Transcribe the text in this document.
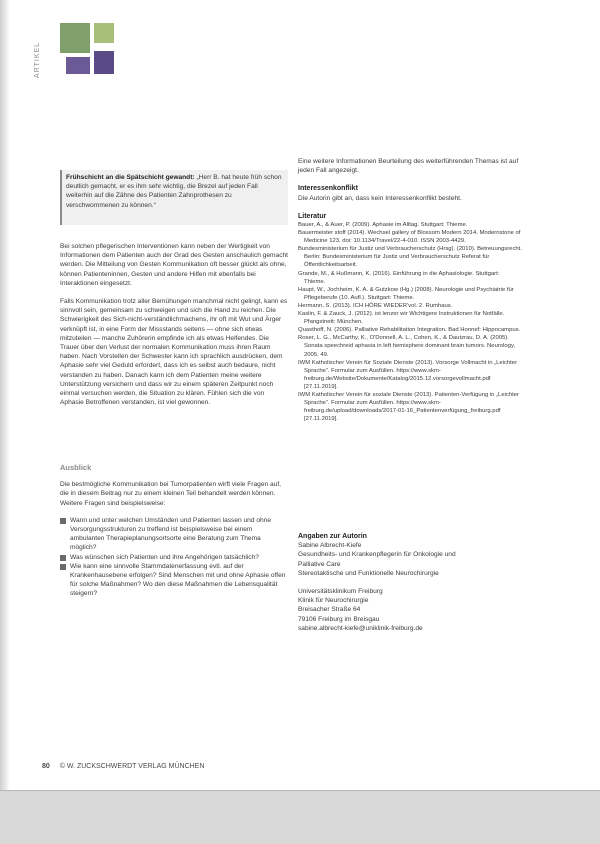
ARTIKEL
Frühschicht an die Spätschicht gewandt: „Herr B. hat heute früh schon deutlich gemacht, er es ihm sehr wichtig, die Brezel auf jeden Fall weiterhin auf die Zähne des Patienten Zahnprothesen zu verschwommenen zu können.“

Bei solchen pflegerischen Interventionen kann neben der Wertigkeit von Informationen dem Patienten auch der Grad des Gesten anschaulich gemacht werden. Die Mitteilung von Gesten Kommunikation oft besser glückt als ohne, können Patienteninnen, Gesten und andere Hilfen mit ebenfalls bei Interaktionen eingesetzt.

Falls Kommunikation trotz aller Bemühungen manchmal nicht gelingt, kann es sinnvoll sein, gemeinsam zu schweigen und sich die Hand zu reichen. Die Schwierigkeit des Sich-nicht-verständlichmachens, ihr oft mit Wut und Ärger verknüpft ist, in eine Form der Missstands seitens — ohne sich etwas mitzuteilen — manche Zuhörerin empfinde ich als etwas Helfendes. Die Trauer über den Verlust der normalen Kommunikation muss ihren Raum haben. Nach Vorstellen der Schwester kann ich sprachlich ausdrücken, dem Aphasie sehr viel Geduld erfordert, dass ich es selbst auch bedaure, nicht verstanden zu haben. Danach kann ich dem Patienten meine weitere Unterstützung versichern und dass wir zu einem späteren Zeitpunkt noch einmal versuchen werden, die Situation zu klären. Fühlen sich die von Aphasie Betroffenen verstanden, ist viel gewonnen.

Ausblick

Die bestmögliche Kommunikation bei Tumorpatienten wirft viele Fragen auf, die in diesem Beitrag nur zu einem kleinen Teil behandelt werden können. Weitere Fragen sind beispielsweise:

Wann und unter welchen Umständen und Patienten lassen und ohne Versorgungsstrukturen zu treffend ist beispielsweise bei einem ambulanten Therapieplanungsortsorte eine Beratung zum Thema möglich?
Was wünschen sich Patienten und ihre Angehörigen tatsächlich?
Wie kann eine sinnvolle Stammdatenerfassung evtl. auf der Krankenhausebene erfolgen? Sind Menschen mit und ohne Aphasie offen für solche Maßnahmen? Wo den diese Maßnahmen die Lebensqualität steigern?

Eine weitere Informationen Beurteilung des weiterführenden Themas ist auf jeden Fall angezeigt.

Interessenkonflikt

Die Autorin gibt an, dass kein Interessenkonflikt besteht.

Literatur

Bauer, A., & Auer, P. (2009). Aphasie im Alltag. Stuttgart: Thieme.

Bauermeister stoff (2014). Wechsel gallery of Blossom Modern 2014. Modernstone of Medicine 123. doi: 10.1134/Travel/22-4-010. ISSN 2003-4429.

Bundesministerium für Justiz und Verbraucherschutz (Hrsg). (2010). Betreuungsrecht. Berlin: Bundesministerium für Justiz und Verbraucherschutz Referat für Öffentlichkeitsarbeit.

Grande, M., & Hußmann, K. (2016). Einführung in die Aphasiologie. Stuttgart: Thieme.

Haupt, W., Jochheim, K. A. & Gutzkow (Hg.) (2008). Neurologie und Psychiatrie für Pflegeberufe (10. Aufl.). Stuttgart: Thieme.

Hermann, S. (2013). ICH HÖRE WIEDER'vol. 2. Rumhaus.

Kaslin, F. & Zauck, J. (2012). ist lenzer wir Wichtigere Instruktionen für Notfälle. Pfangstnett: München.

Quasthoff, N. (2006). Palliative Rehabilitation Integration. Bad Honnef: Hippocampus.

Roser, L. G., McCarthy, K., O'Donnell, A. L., Cohen, K., & Dautzrau, D. A. (2005). Sonata speechreid aphasia in left hemisphere dominant brain tumors. Neurology, 2005. 49.

IWM Katholischer Verein für Soziale Dienste (2013). Vorsorge Vollmacht in „Leichter Sprache“. Formular zum Ausfüllen. https://www.skm-freiburg.de/Website/Dokumente/Katalog/2015.12.vorsorgevollmacht.pdf [27.11.2019].

IWM Katholischer Verein für soziale Dienste (2013). Patienten-Verfügung in „Leichter Sprache“. Formular zum Ausfüllen. https://www.skm-freiburg.de/upload/downloads/2017-01-16_Patientenverfügung_freiburg.pdf [27.11.2019].

Angaben zur Autorin

Sabine Albrecht-Kiefe

Gesundheits- und Krankenpflegerin für Onkologie und

Palliative Care

Stereotaktische und Funktionelle Neurochirurgie

Universitätsklinikum Freiburg

Klinik für Neurochirurgie

Breisacher Straße 64

79106 Freiburg im Breisgau

sabine.albrecht-kiefe@uniklinik-freiburg.de

80 © W. ZUCKSCHWERDT VERLAG MÜNCHEN
